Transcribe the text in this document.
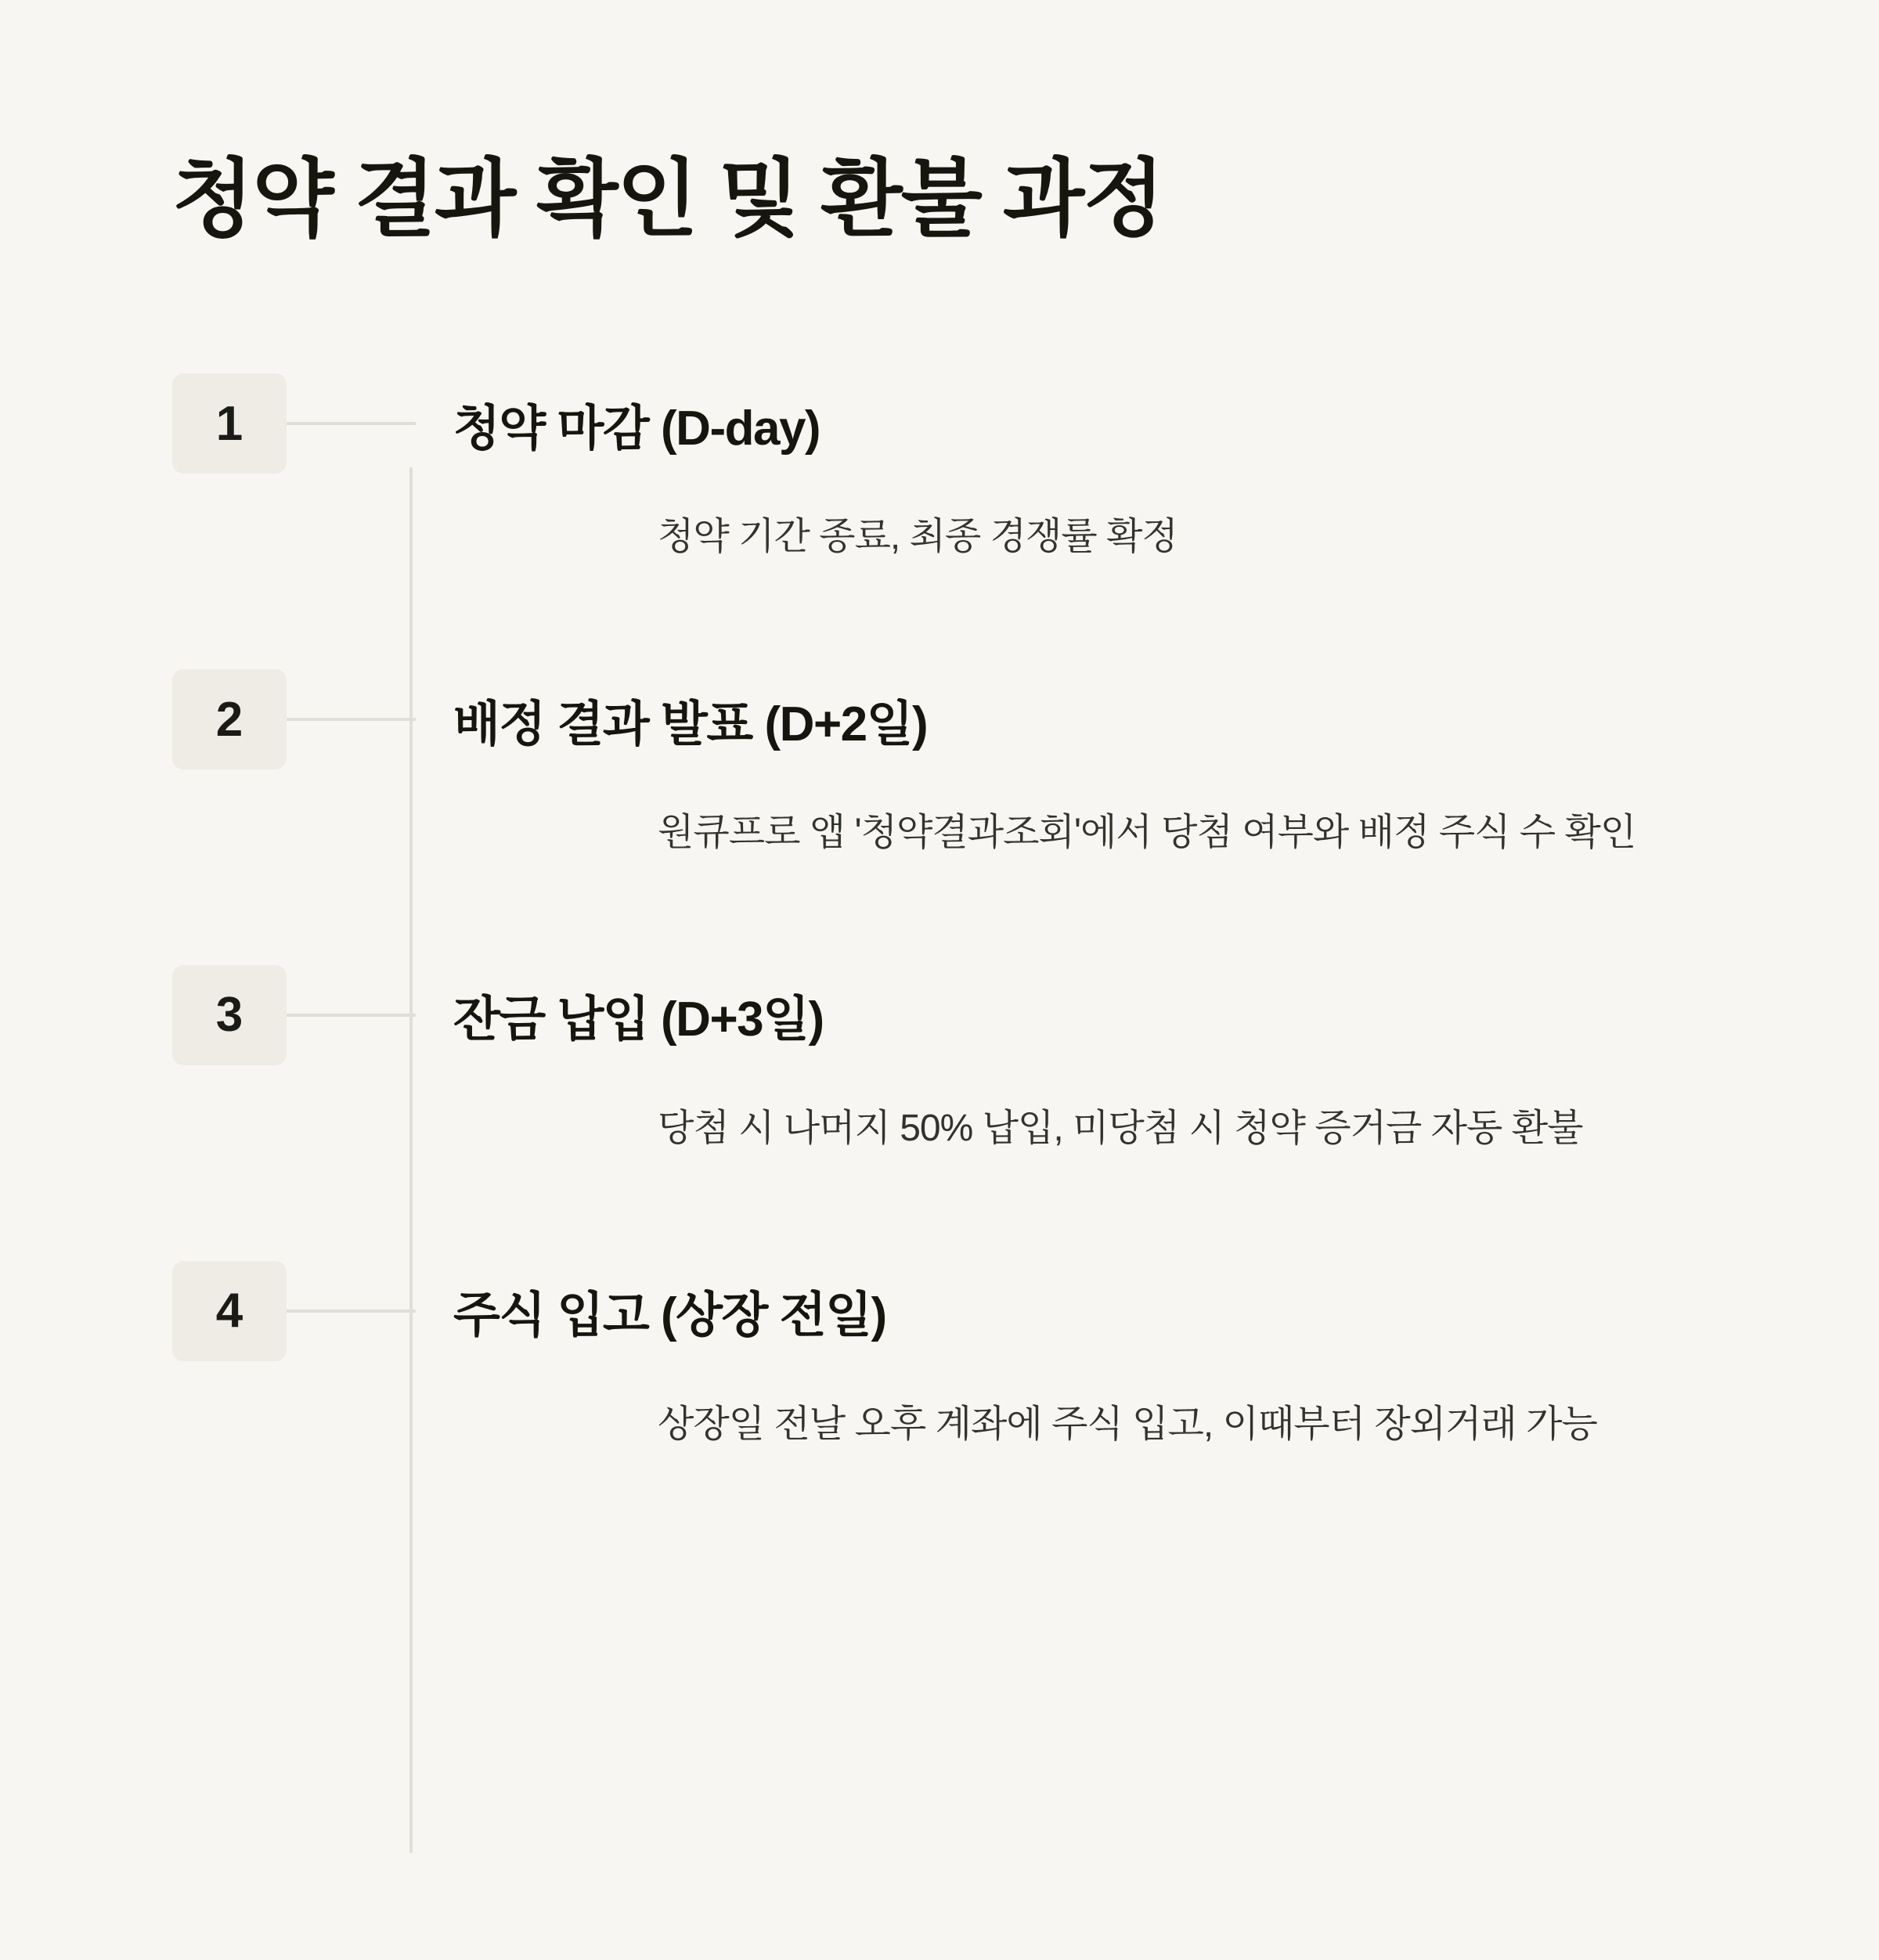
청약 결과 확인 및 환불 과정
1	청약 마감 (D-day)
청약 기간 종료, 최종 경쟁률 확정
2	배정 결과 발표 (D+2일)
원큐프로 앱 '청약결과조회'에서 당첨 여부와 배정 주식 수 확인
3	잔금 납입 (D+3일)
당첨 시 나머지 50% 납입, 미당첨 시 청약 증거금 자동 환불
4	주식 입고 (상장 전일)
상장일 전날 오후 계좌에 주식 입고, 이때부터 장외거래 가능
